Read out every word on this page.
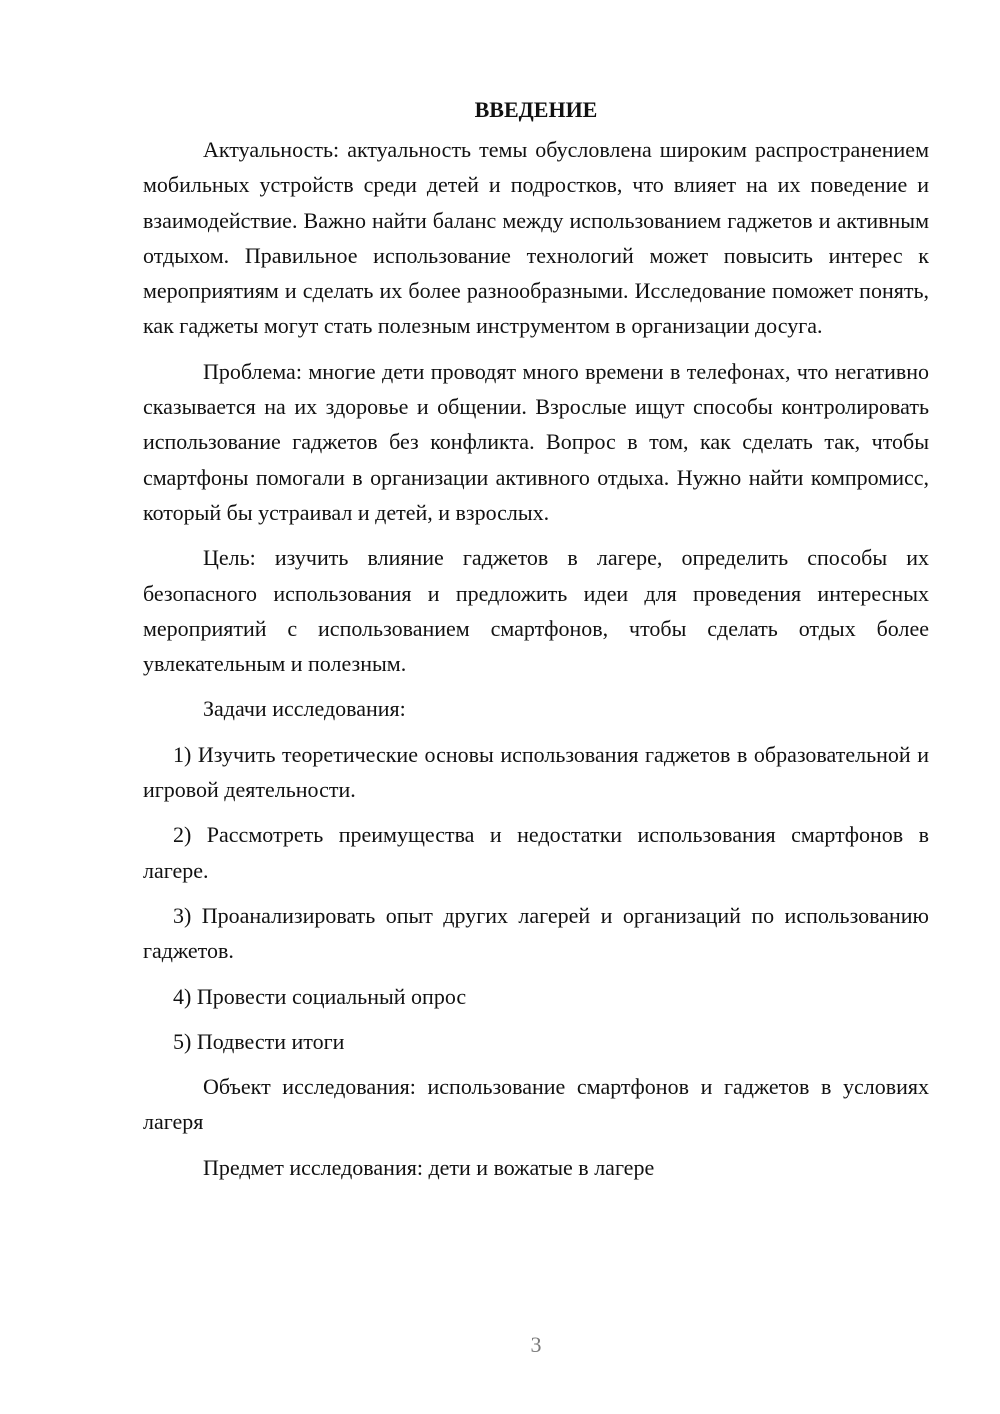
ВВЕДЕНИЕ

Актуальность: актуальность темы обусловлена широким распространением мобильных устройств среди детей и подростков, что влияет на их поведение и взаимодействие. Важно найти баланс между использованием гаджетов и активным отдыхом. Правильное использование технологий может повысить интерес к мероприятиям и сделать их более разнообразными. Исследование поможет понять, как гаджеты могут стать полезным инструментом в организации досуга.

Проблема: многие дети проводят много времени в телефонах, что негативно сказывается на их здоровье и общении. Взрослые ищут способы контролировать использование гаджетов без конфликта. Вопрос в том, как сделать так, чтобы смартфоны помогали в организации активного отдыха. Нужно найти компромисс, который бы устраивал и детей, и взрослых.

Цель: изучить влияние гаджетов в лагере, определить способы их безопасного использования и предложить идеи для проведения интересных мероприятий с использованием смартфонов, чтобы сделать отдых более увлекательным и полезным.

Задачи исследования:

1) Изучить теоретические основы использования гаджетов в образовательной и игровой деятельности.

2) Рассмотреть преимущества и недостатки использования смартфонов в лагере.

3) Проанализировать опыт других лагерей и организаций по использованию гаджетов.

4) Провести социальный опрос

5) Подвести итоги

Объект исследования: использование смартфонов и гаджетов в условиях лагеря

Предмет исследования: дети и вожатые в лагере

3
